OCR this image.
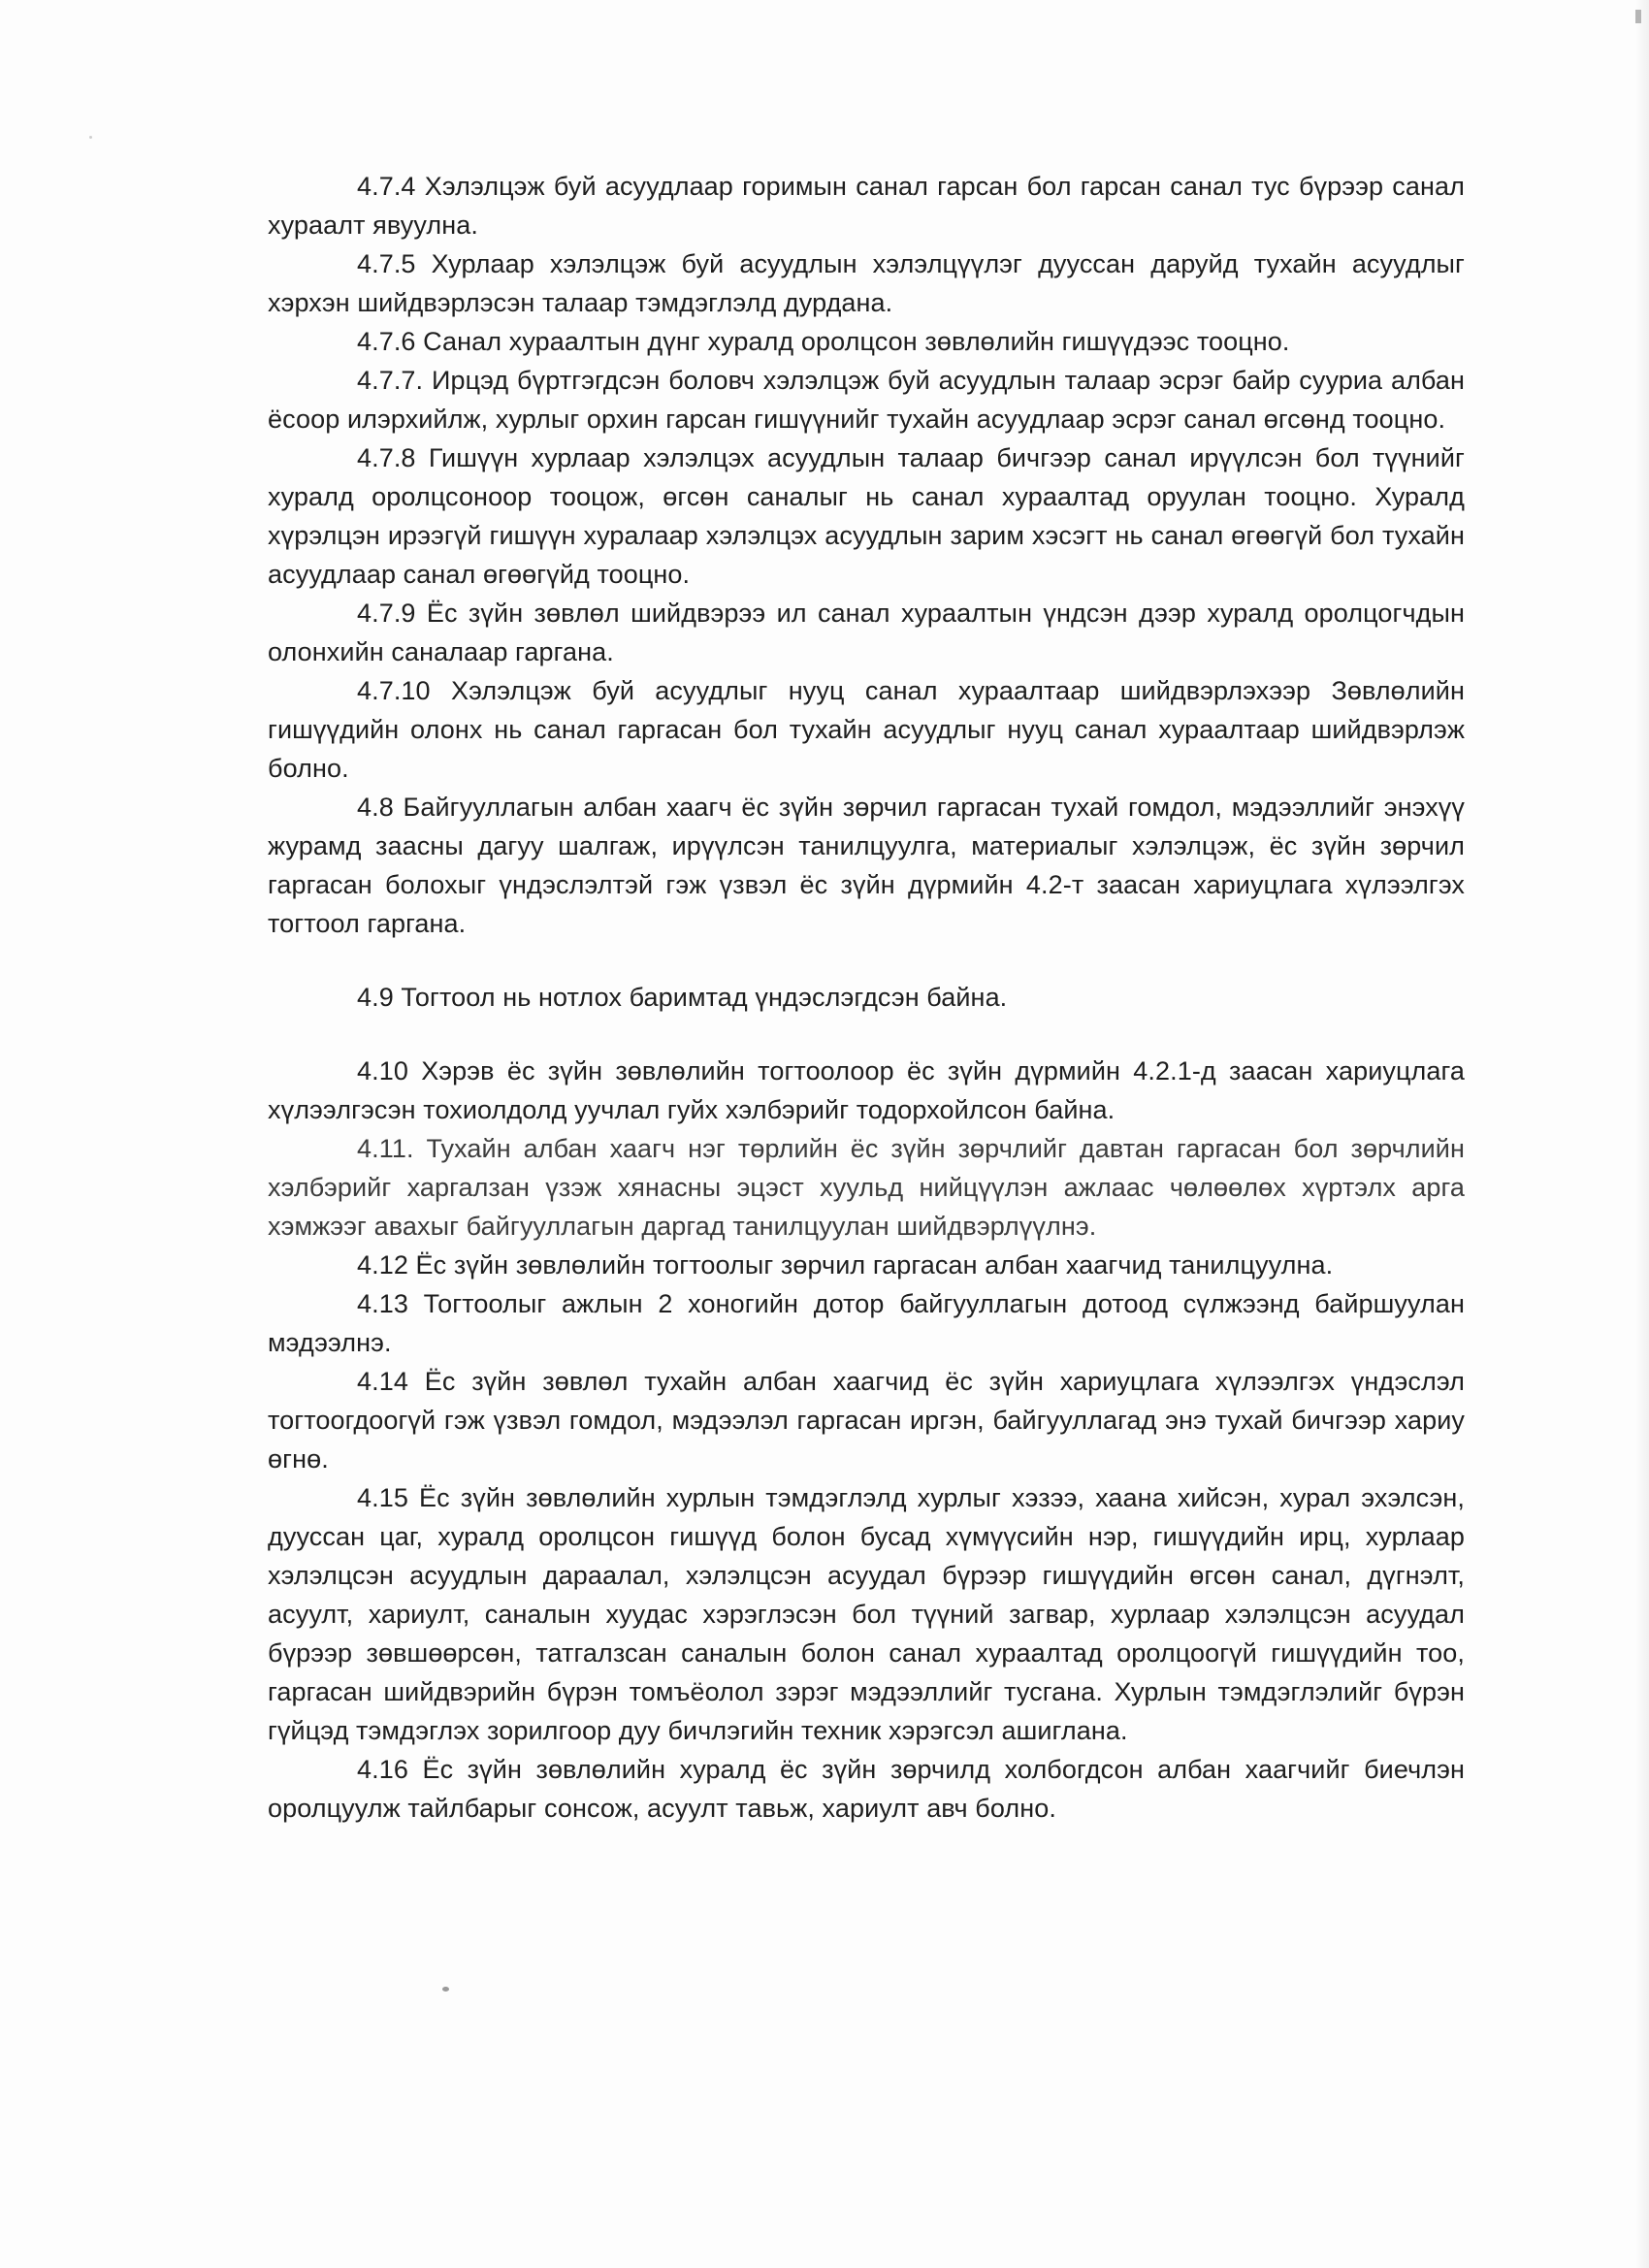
4.7.4 Хэлэлцэж буй асуудлаар горимын санал гарсан бол гарсан санал тус бүрээр санал хураалт явуулна.

4.7.5 Хурлаар хэлэлцэж буй асуудлын хэлэлцүүлэг дууссан даруйд тухайн асуудлыг хэрхэн шийдвэрлэсэн талаар тэмдэглэлд дурдана.

4.7.6 Санал хураалтын дүнг хуралд оролцсон зөвлөлийн гишүүдээс тооцно.

4.7.7. Ирцэд бүртгэгдсэн боловч хэлэлцэж буй асуудлын талаар эсрэг байр сууриа албан ёсоор илэрхийлж, хурлыг орхин гарсан гишүүнийг тухайн асуудлаар эсрэг санал өгсөнд тооцно.

4.7.8 Гишүүн хурлаар хэлэлцэх асуудлын талаар бичгээр санал ирүүлсэн бол түүнийг хуралд оролцсоноор тооцож, өгсөн саналыг нь санал хураалтад оруулан тооцно. Хуралд хүрэлцэн ирээгүй гишүүн хуралаар хэлэлцэх асуудлын зарим хэсэгт нь санал өгөөгүй бол тухайн асуудлаар санал өгөөгүйд тооцно.

4.7.9 Ёс зүйн зөвлөл шийдвэрээ ил санал хураалтын үндсэн дээр хуралд оролцогчдын олонхийн саналаар гаргана.

4.7.10 Хэлэлцэж буй асуудлыг нууц санал хураалтаар шийдвэрлэхээр Зөвлөлийн гишүүдийн олонх нь санал гаргасан бол тухайн асуудлыг нууц санал хураалтаар шийдвэрлэж болно.

4.8 Байгууллагын албан хаагч ёс зүйн зөрчил гаргасан тухай гомдол, мэдээллийг энэхүү журамд заасны дагуу шалгаж, ирүүлсэн танилцуулга, материалыг хэлэлцэж, ёс зүйн зөрчил гаргасан болохыг үндэслэлтэй гэж үзвэл ёс зүйн дүрмийн 4.2-т заасан хариуцлага хүлээлгэх тогтоол гаргана.

4.9 Тогтоол нь нотлох баримтад үндэслэгдсэн байна.

4.10 Хэрэв ёс зүйн зөвлөлийн тогтоолоор ёс зүйн дүрмийн 4.2.1-д заасан хариуцлага хүлээлгэсэн тохиолдолд уучлал гуйх хэлбэрийг тодорхойлсон байна.

4.11. Тухайн албан хаагч нэг төрлийн ёс зүйн зөрчлийг давтан гаргасан бол зөрчлийн хэлбэрийг харгалзан үзэж хянасны эцэст хуульд нийцүүлэн ажлаас чөлөөлөх хүртэлх арга хэмжээг авахыг байгууллагын даргад танилцуулан шийдвэрлүүлнэ.

4.12 Ёс зүйн зөвлөлийн тогтоолыг зөрчил гаргасан албан хаагчид танилцуулна.

4.13 Тогтоолыг ажлын 2 хоногийн дотор байгууллагын дотоод сүлжээнд байршуулан мэдээлнэ.

4.14 Ёс зүйн зөвлөл тухайн албан хаагчид ёс зүйн хариуцлага хүлээлгэх үндэслэл тогтоогдоогүй гэж үзвэл гомдол, мэдээлэл гаргасан иргэн, байгууллагад энэ тухай бичгээр хариу өгнө.

4.15 Ёс зүйн зөвлөлийн хурлын тэмдэглэлд хурлыг хэзээ, хаана хийсэн, хурал эхэлсэн, дууссан цаг, хуралд оролцсон гишүүд болон бусад хүмүүсийн нэр, гишүүдийн ирц, хурлаар хэлэлцсэн асуудлын дараалал, хэлэлцсэн асуудал бүрээр гишүүдийн өгсөн санал, дүгнэлт, асуулт, хариулт, саналын хуудас хэрэглэсэн бол түүний загвар, хурлаар хэлэлцсэн асуудал бүрээр зөвшөөрсөн, татгалзсан саналын болон санал хураалтад оролцоогүй гишүүдийн тоо, гаргасан шийдвэрийн бүрэн томъёолол зэрэг мэдээллийг тусгана. Хурлын тэмдэглэлийг бүрэн гүйцэд тэмдэглэх зорилгоор дуу бичлэгийн техник хэрэгсэл ашиглана.

4.16 Ёс зүйн зөвлөлийн хуралд ёс зүйн зөрчилд холбогдсон албан хаагчийг биечлэн оролцуулж тайлбарыг сонсож, асуулт тавьж, хариулт авч болно.
